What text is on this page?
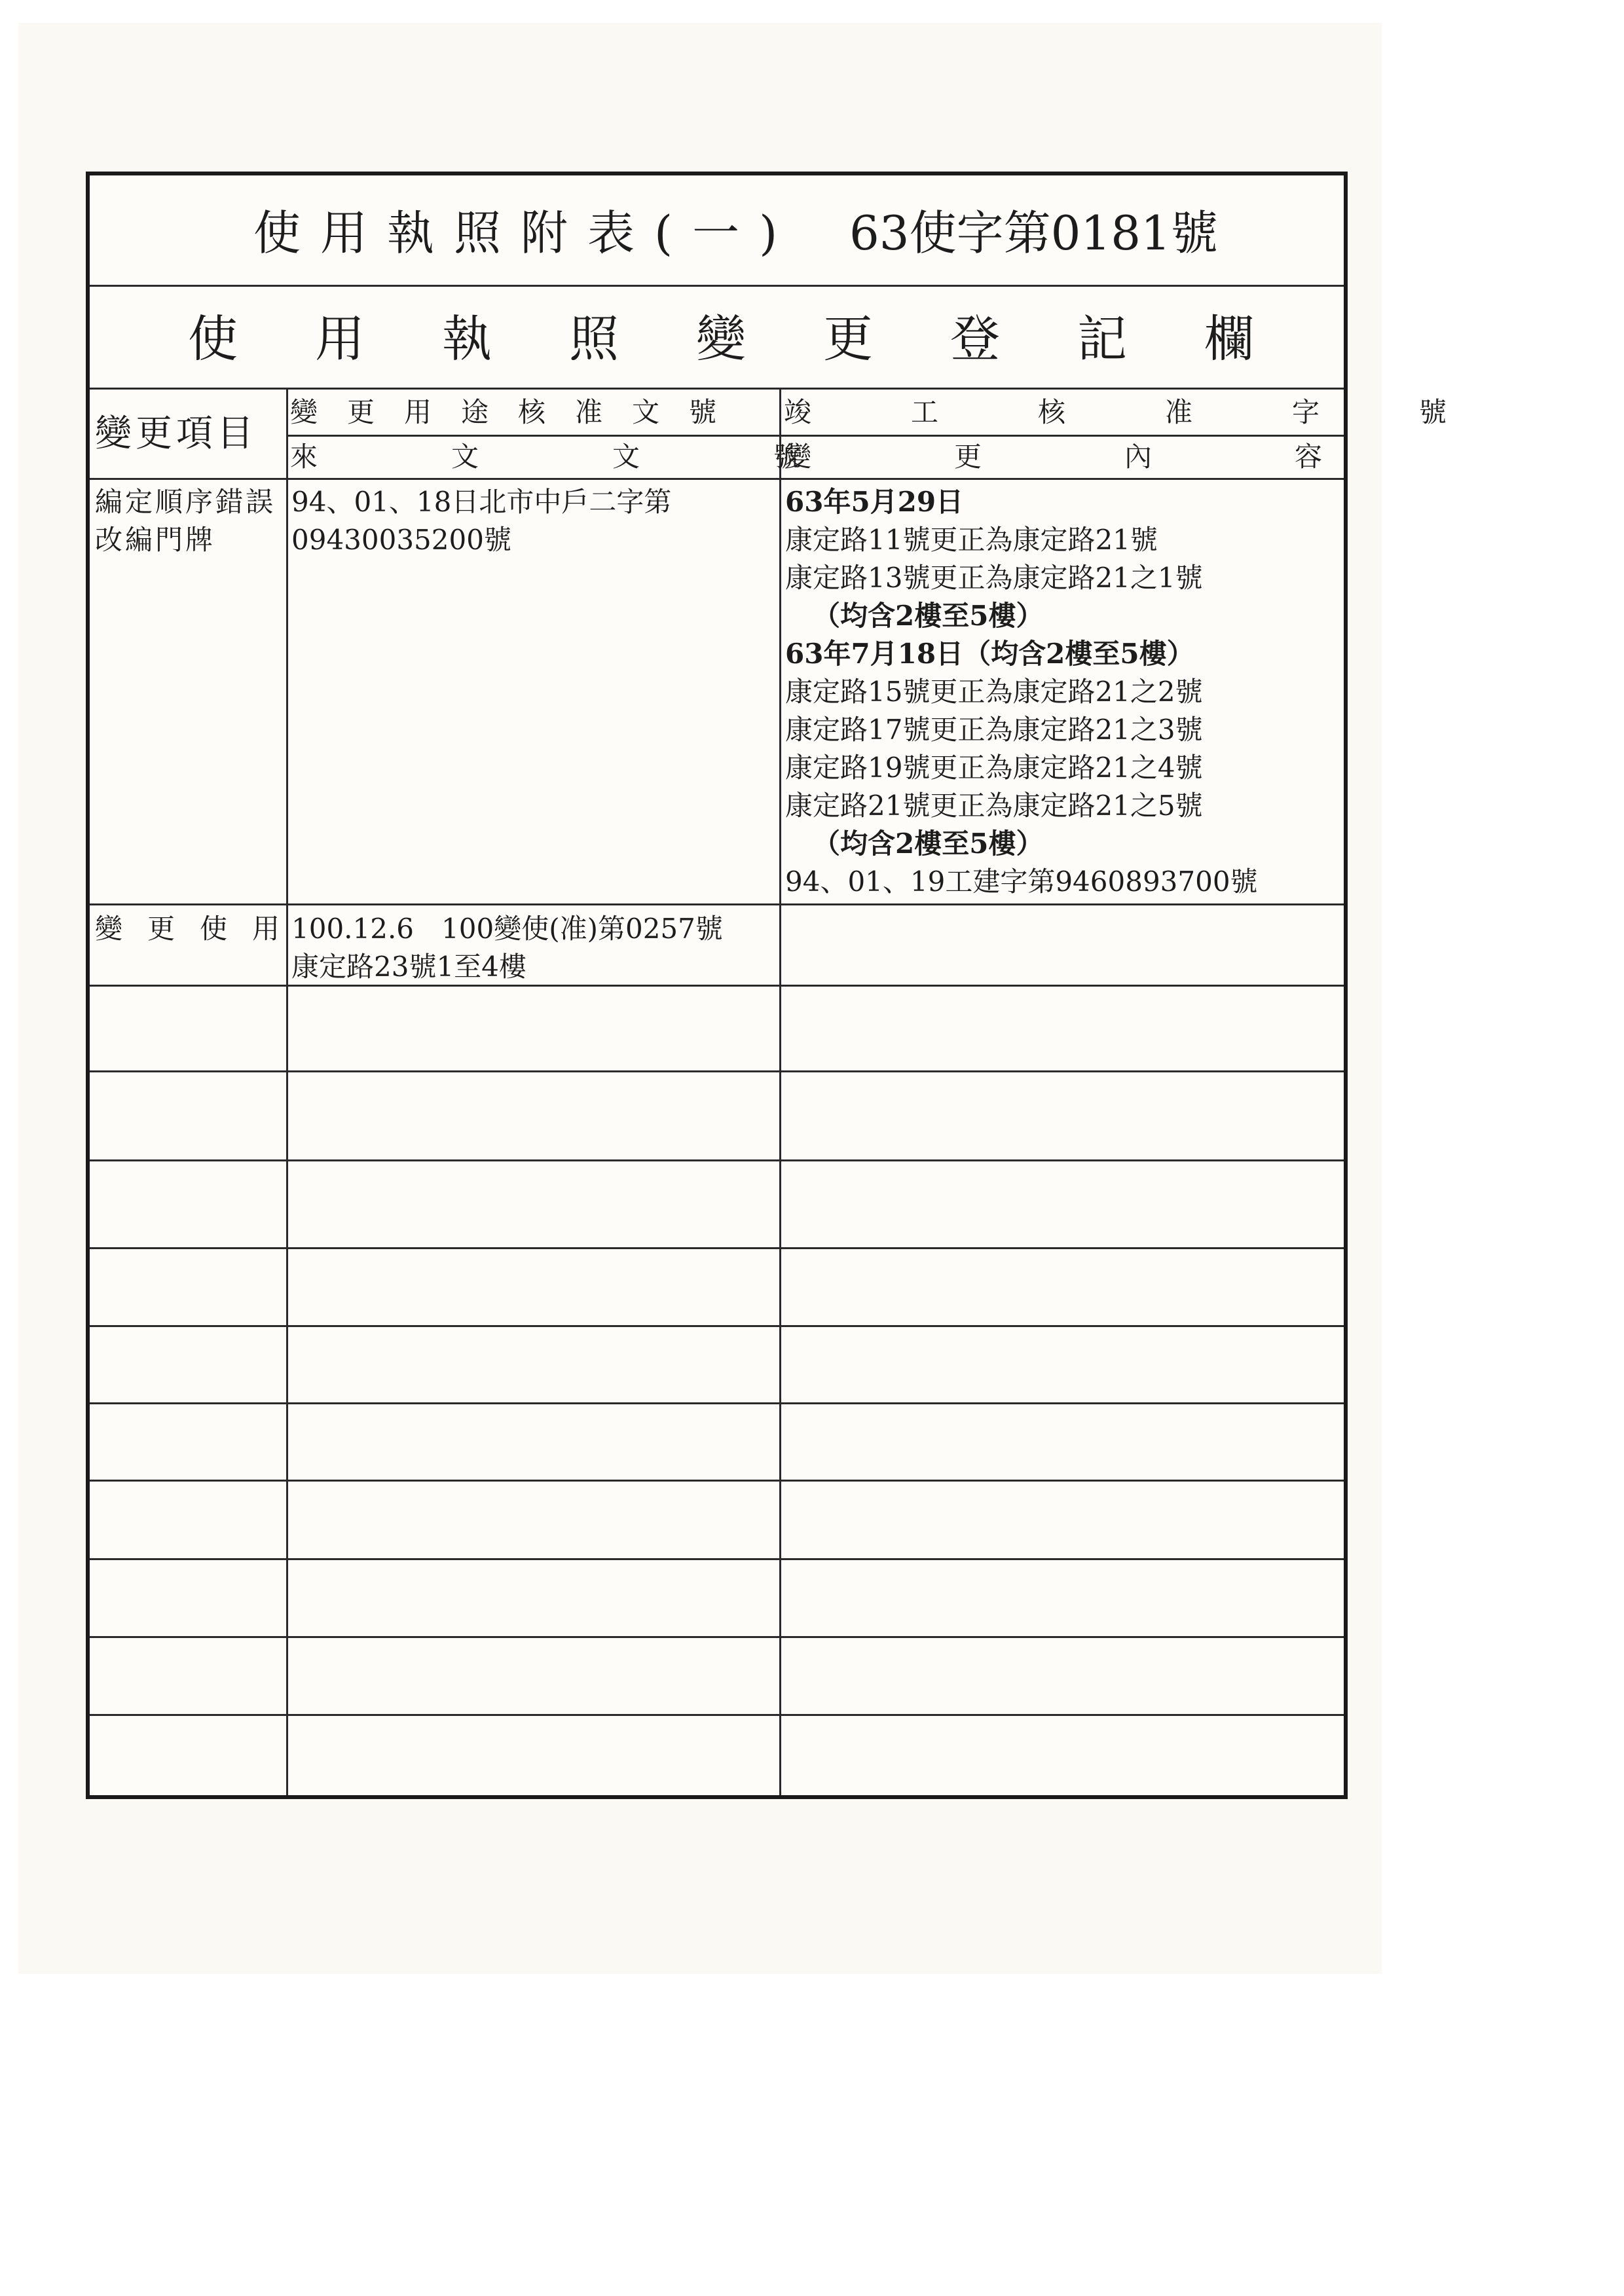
使用執照附表(一)	63使字第0181號
使用執照變更登記欄
變更項目
變更用途核准文號
來文文號
竣工核准字號
變更內容
編定順序錯誤
改編門牌
94、01、18日北市中戶二字第
09430035200號
63年5月29日
康定路11號更正為康定路21號
康定路13號更正為康定路21之1號
（均含2樓至5樓）
63年7月18日（均含2樓至5樓）
康定路15號更正為康定路21之2號
康定路17號更正為康定路21之3號
康定路19號更正為康定路21之4號
康定路21號更正為康定路21之5號
（均含2樓至5樓）
94、01、19工建字第9460893700號
變更使用
100.12.6　100變使(准)第0257號
康定路23號1至4樓
